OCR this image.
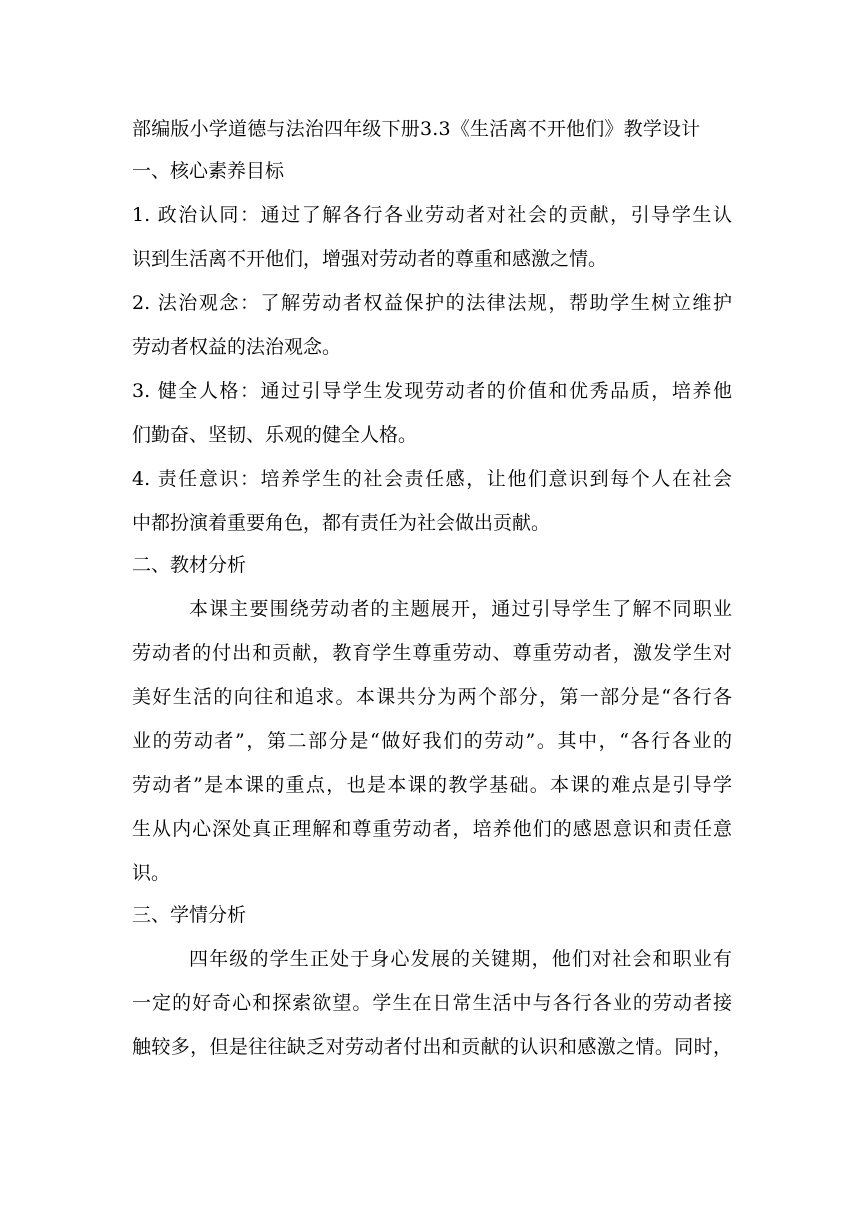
部编版小学道德与法治四年级下册3.3《生活离不开他们》教学设计
一、核心素养目标
1. 政治认同：通过了解各行各业劳动者对社会的贡献，引导学生认
识到生活离不开他们，增强对劳动者的尊重和感激之情。
2. 法治观念：了解劳动者权益保护的法律法规，帮助学生树立维护
劳动者权益的法治观念。
3. 健全人格：通过引导学生发现劳动者的价值和优秀品质，培养他
们勤奋、坚韧、乐观的健全人格。
4. 责任意识：培养学生的社会责任感，让他们意识到每个人在社会
中都扮演着重要角色，都有责任为社会做出贡献。
二、教材分析
本课主要围绕劳动者的主题展开，通过引导学生了解不同职业
劳动者的付出和贡献，教育学生尊重劳动、尊重劳动者，激发学生对
美好生活的向往和追求。本课共分为两个部分，第一部分是“各行各
业的劳动者”，第二部分是“做好我们的劳动”。其中，“各行各业的
劳动者”是本课的重点，也是本课的教学基础。本课的难点是引导学
生从内心深处真正理解和尊重劳动者，培养他们的感恩意识和责任意
识。
三、学情分析
四年级的学生正处于身心发展的关键期，他们对社会和职业有
一定的好奇心和探索欲望。学生在日常生活中与各行各业的劳动者接
触较多，但是往往缺乏对劳动者付出和贡献的认识和感激之情。同时，
